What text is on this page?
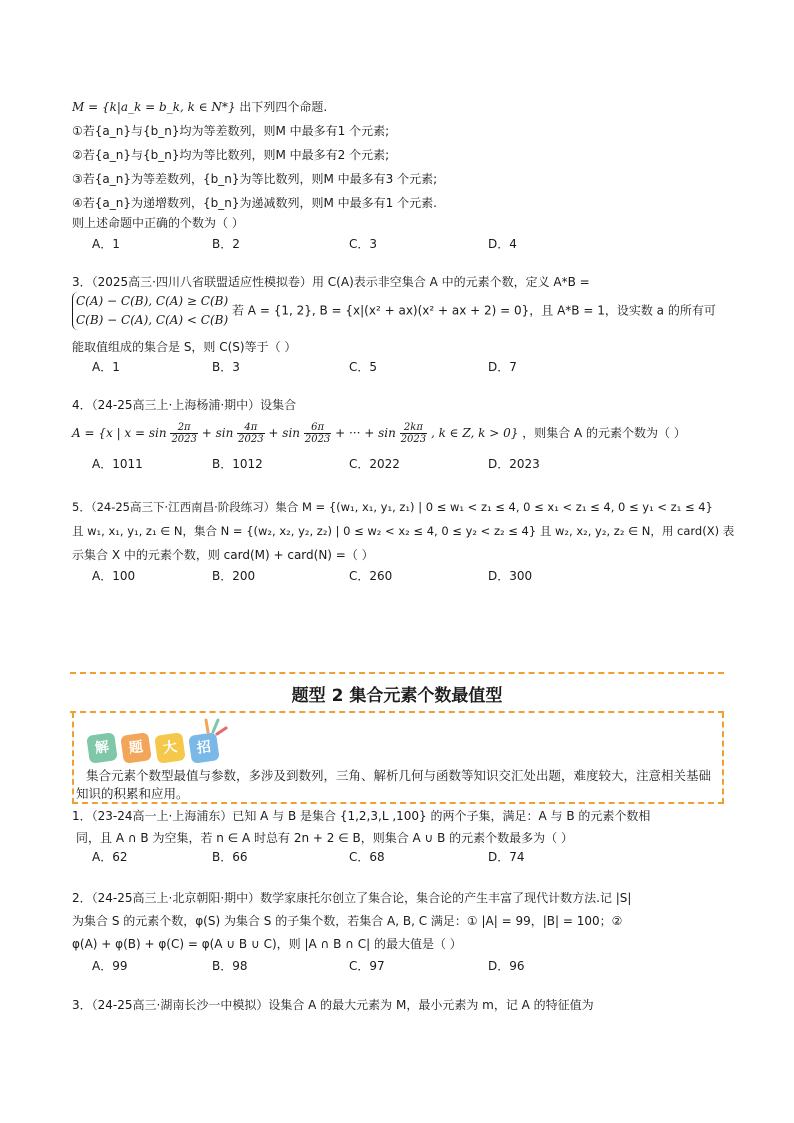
M = {k|a_k = b_k, k ∈ N*} 出下列四个命题.
①若{a_n}与{b_n}均为等差数列，则M 中最多有1 个元素;
②若{a_n}与{b_n}均为等比数列，则M 中最多有2 个元素;
③若{a_n}为等差数列，{b_n}为等比数列，则M 中最多有3 个元素;
④若{a_n}为递增数列，{b_n}为递减数列，则M 中最多有1 个元素.
则上述命题中正确的个数为（ ）
A．1	B．2	C．3	D．4
3．（2025高三·四川八省联盟适应性模拟卷）用 C(A)表示非空集合 A 中的元素个数，定义 A*B =
C(A) − C(B), C(A) ≥ C(B)
C(B) − C(A), C(A) < C(B)
若 A = {1, 2}, B = {x|(x² + ax)(x² + ax + 2) = 0}，且 A*B = 1，设实数 a 的所有可
能取值组成的集合是 S，则 C(S)等于（ ）
A．1	B．3	C．5	D．7
4．（24-25高三上·上海杨浦·期中）设集合
A = {x | $x = \sin \frac{2\pi}{2023} + \sin \frac{4\pi}{2023} + \sin \frac{6\pi}{2023}$ + ··· + $\sin \frac{2k\pi}{2023}$ , k ∈ Z, k > 0} ，则集合 A 的元素个数为（ ）
A．1011	B．1012	C．2022	D．2023
5．（24-25高三下·江西南昌·阶段练习）集合 M = {(w₁, x₁, y₁, z₁) | 0 ≤ w₁ < z₁ ≤ 4, 0 ≤ x₁ < z₁ ≤ 4, 0 ≤ y₁ < z₁ ≤ 4}
且 w₁, x₁, y₁, z₁ ∈ N，集合 N = {(w₂, x₂, y₂, z₂) | 0 ≤ w₂ < x₂ ≤ 4, 0 ≤ y₂ < z₂ ≤ 4} 且 w₂, x₂, y₂, z₂ ∈ N，用 card(X) 表
示集合 X 中的元素个数，则 card(M) + card(N) =（ ）
A．100	B．200	C．260	D．300
题型 2 集合元素个数最值型
解	题	大	招
集合元素个数型最值与参数，多涉及到数列，三角、解析几何与函数等知识交汇处出题，难度较大，注意相关基础知识的积累和应用。
1．（23-24高一上·上海浦东）已知 A 与 B 是集合 {1,2,3,L ,100} 的两个子集，满足：A 与 B 的元素个数相
同，且 A ∩ B 为空集，若 n ∈ A 时总有 2n + 2 ∈ B，则集合 A ∪ B 的元素个数最多为（ ）
A．62	B．66	C．68	D．74
2．（24-25高三上·北京朝阳·期中）数学家康托尔创立了集合论，集合论的产生丰富了现代计数方法.记 |S|
为集合 S 的元素个数，φ(S) 为集合 S 的子集个数，若集合 A, B, C 满足：① |A| = 99，|B| = 100；②
φ(A) + φ(B) + φ(C) = φ(A ∪ B ∪ C)，则 |A ∩ B ∩ C| 的最大值是（ ）
A．99	B．98	C．97	D．96
3．（24-25高三·湖南长沙一中模拟）设集合 A 的最大元素为 M，最小元素为 m，记 A 的特征值为
